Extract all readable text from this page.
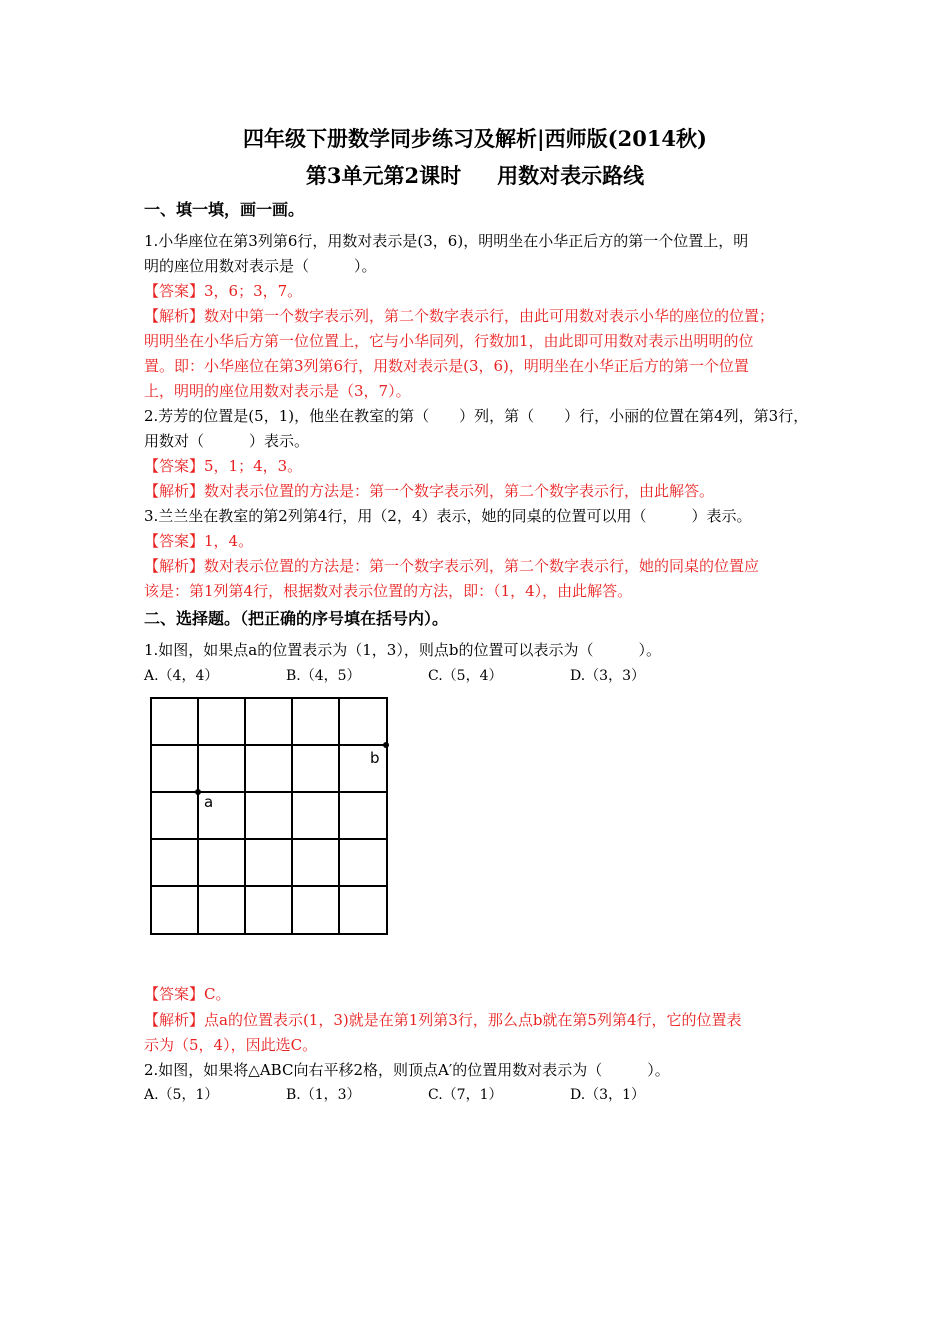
四年级下册数学同步练习及解析|西师版(2014秋)
第3单元第2课时 用数对表示路线
一、填一填，画一画。
1.小华座位在第3列第6行，用数对表示是(3，6)，明明坐在小华正后方的第一个位置上，明
明的座位用数对表示是（　　　）。
【答案】3，6；3，7。
【解析】数对中第一个数字表示列，第二个数字表示行，由此可用数对表示小华的座位的位置；
明明坐在小华后方第一位位置上，它与小华同列，行数加1，由此即可用数对表示出明明的位
置。即：小华座位在第3列第6行，用数对表示是(3，6)，明明坐在小华正后方的第一个位置
上，明明的座位用数对表示是（3，7）。
2.芳芳的位置是(5，1)，他坐在教室的第（　　）列，第（　　）行，小丽的位置在第4列，第3行，
用数对（　　　）表示。
【答案】5，1；4，3。
【解析】数对表示位置的方法是：第一个数字表示列，第二个数字表示行，由此解答。
3.兰兰坐在教室的第2列第4行，用（2，4）表示，她的同桌的位置可以用（　　　）表示。
【答案】1，4。
【解析】数对表示位置的方法是：第一个数字表示列，第二个数字表示行，她的同桌的位置应
该是：第1列第4行，根据数对表示位置的方法，即：（1，4），由此解答。
二、选择题。（把正确的序号填在括号内）。
1.如图，如果点a的位置表示为（1，3），则点b的位置可以表示为（　　　）。
A.（4，4）	B.（4，5）	C.（5，4）	D.（3，3）
a
b
【答案】C。
【解析】点a的位置表示(1，3)就是在第1列第3行，那么点b就在第5列第4行，它的位置表
示为（5，4），因此选C。
2.如图，如果将△ABC向右平移2格，则顶点A′的位置用数对表示为（　　　）。
A.（5，1）	B.（1，3）	C.（7，1）	D.（3，1）
